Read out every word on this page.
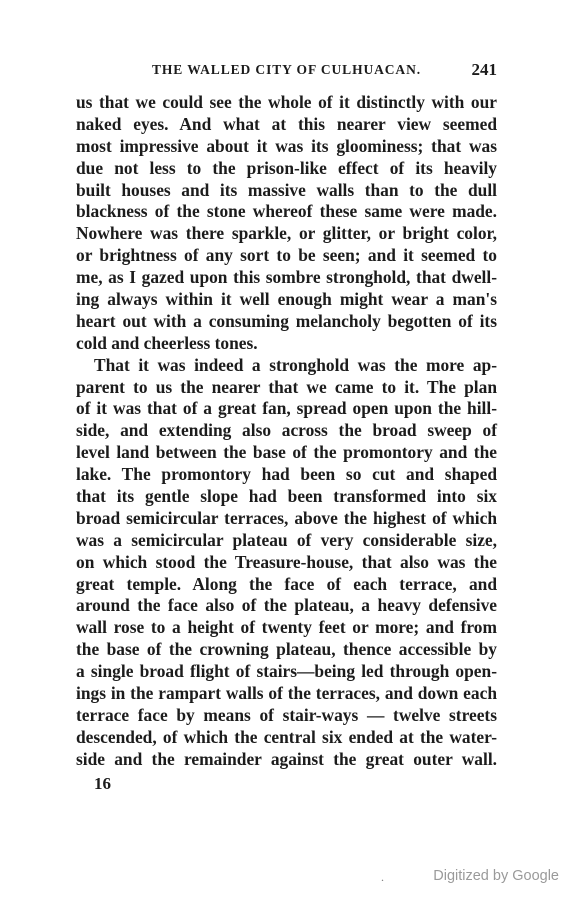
THE WALLED CITY OF CULHUACAN.	241
us that we could see the whole of it distinctly with our
naked eyes. And what at this nearer view seemed
most impressive about it was its gloominess; that was
due not less to the prison-like effect of its heavily
built houses and its massive walls than to the dull
blackness of the stone whereof these same were made.
Nowhere was there sparkle, or glitter, or bright color,
or brightness of any sort to be seen; and it seemed to
me, as I gazed upon this sombre stronghold, that dwell-
ing always within it well enough might wear a man's
heart out with a consuming melancholy begotten of its
cold and cheerless tones.
That it was indeed a stronghold was the more ap-
parent to us the nearer that we came to it. The plan
of it was that of a great fan, spread open upon the hill-
side, and extending also across the broad sweep of
level land between the base of the promontory and the
lake. The promontory had been so cut and shaped
that its gentle slope had been transformed into six
broad semicircular terraces, above the highest of which
was a semicircular plateau of very considerable size,
on which stood the Treasure-house, that also was the
great temple. Along the face of each terrace, and
around the face also of the plateau, a heavy defensive
wall rose to a height of twenty feet or more; and from
the base of the crowning plateau, thence accessible by
a single broad flight of stairs—being led through open-
ings in the rampart walls of the terraces, and down each
terrace face by means of stair-ways — twelve streets
descended, of which the central six ended at the water-
side and the remainder against the great outer wall.
16
.	Digitized by Google
